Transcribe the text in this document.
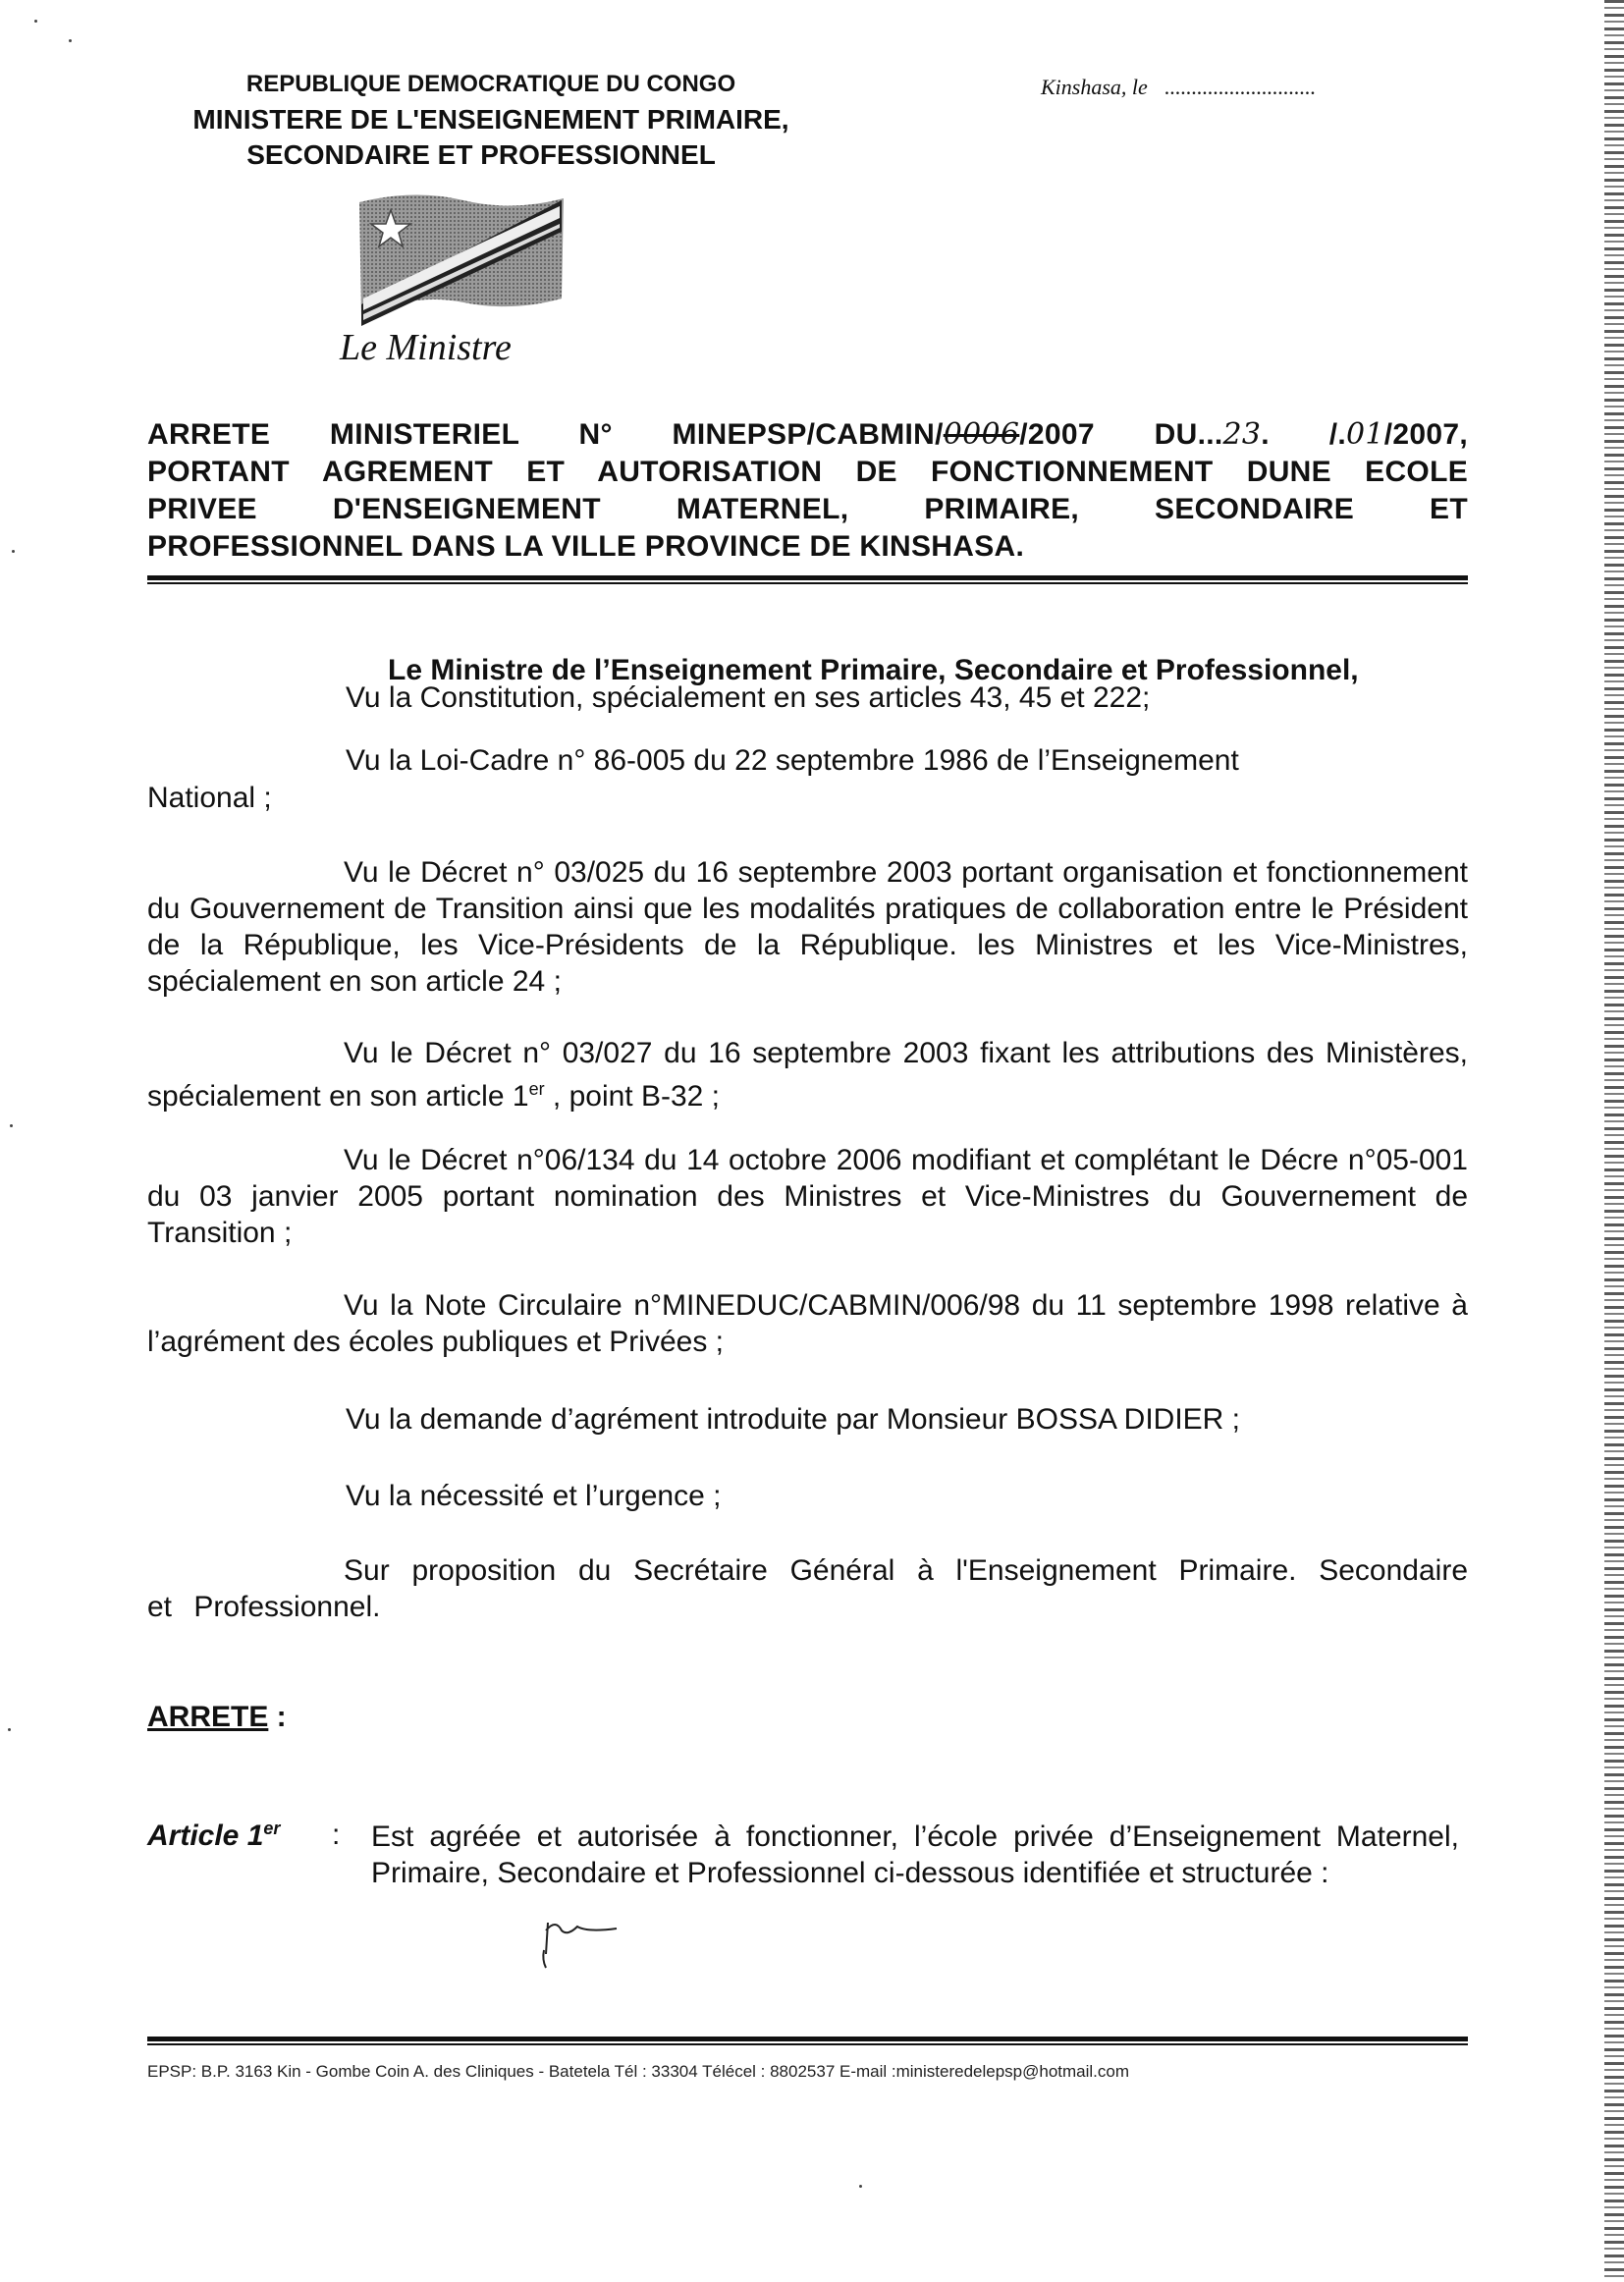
REPUBLIQUE DEMOCRATIQUE DU CONGO
MINISTERE DE L'ENSEIGNEMENT PRIMAIRE,
SECONDAIRE ET PROFESSIONNEL
Kinshasa, le ............................
Le Ministre
ARRETE MINISTERIEL N° MINEPSP/CABMIN/0006/2007 DU...23. /.01/2007,
PORTANT AGREMENT ET AUTORISATION DE FONCTIONNEMENT DUNE ECOLE
PRIVEE D'ENSEIGNEMENT MATERNEL, PRIMAIRE, SECONDAIRE ET
PROFESSIONNEL DANS LA VILLE PROVINCE DE KINSHASA.
Le Ministre de l’Enseignement Primaire, Secondaire et Professionnel,
Vu la Constitution, spécialement en ses articles 43, 45 et 222;
Vu la Loi-Cadre n° 86-005 du 22 septembre 1986 de l’Enseignement
National ;
Vu le Décret n° 03/025 du 16 septembre 2003 portant organisation et fonctionnement du Gouvernement de Transition ainsi que les modalités pratiques de collaboration entre le Président de la République, les Vice-Présidents de la République. les Ministres et les Vice-Ministres, spécialement en son article 24 ;
Vu le Décret n° 03/027 du 16 septembre 2003 fixant les attributions des Ministères, spécialement en son article 1er , point B-32 ;
Vu le Décret n°06/134 du 14 octobre 2006 modifiant et complétant le Décre n°05-001 du 03 janvier 2005 portant nomination des Ministres et Vice-Ministres du Gouvernement de Transition ;
Vu la Note Circulaire n°MINEDUC/CABMIN/006/98 du 11 septembre 1998 relative à l’agrément des écoles publiques et Privées ;
Vu la demande d’agrément introduite par Monsieur BOSSA DIDIER ;
Vu la nécessité et l’urgence ;
Sur proposition du Secrétaire Général à l'Enseignement Primaire. Secondaire et Professionnel.
ARRETE :
Article 1er : Est agréée et autorisée à fonctionner, l’école privée d’Enseignement Maternel, Primaire, Secondaire et Professionnel ci-dessous identifiée et structurée :
EPSP: B.P. 3163 Kin - Gombe Coin A. des Cliniques - Batetela Tél : 33304 Télécel : 8802537 E-mail :ministeredelepsp@hotmail.com
